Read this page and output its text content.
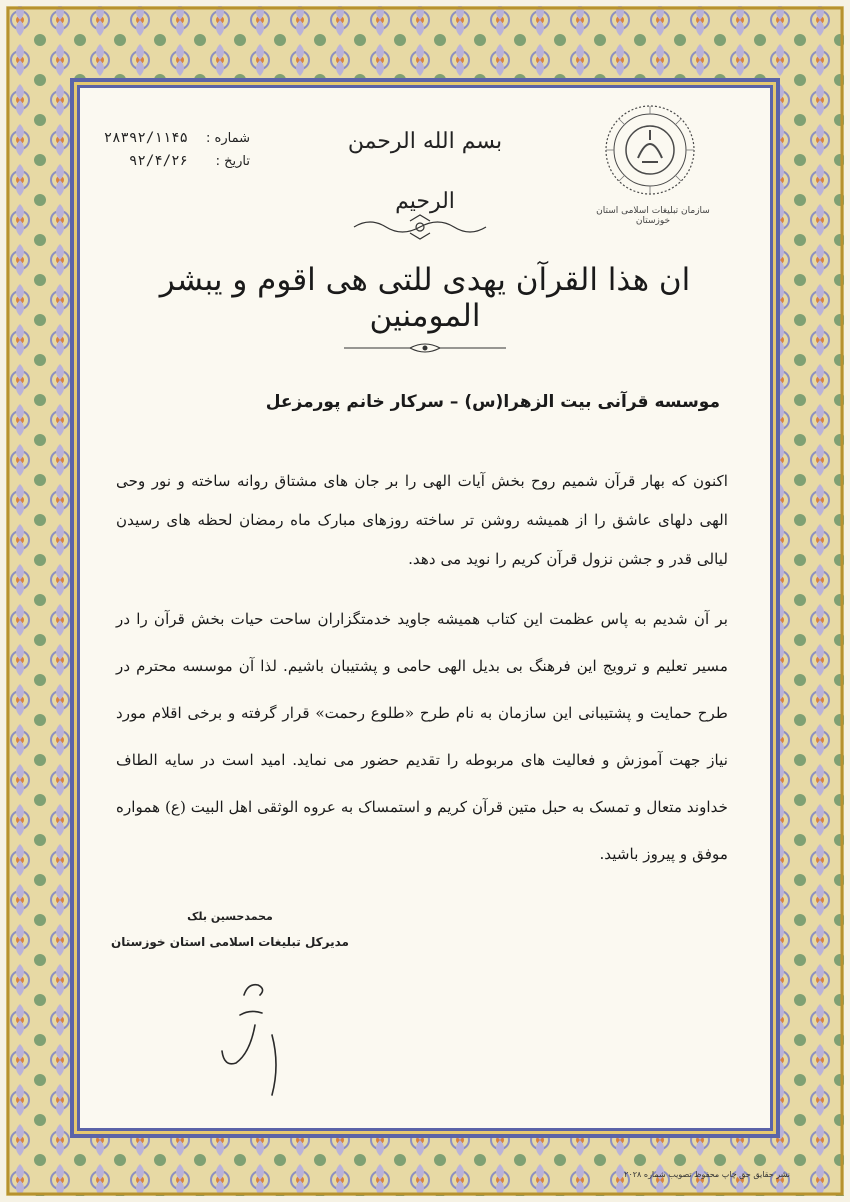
شماره :۲۸۳۹۲/۱۱۴۵
تاریخ :۹۲/۴/۲۶
بسم الله الرحمن الرحیم	سازمان تبلیغات اسلامی استان خوزستان
ان هذا القرآن یهدی للتی هی اقوم و یبشر المومنین
موسسه قرآنی بیت الزهرا(س) – سرکار خانم پورمزعل

اکنون که بهار قرآن شمیم روح بخش آیات الهی را بر جان های مشتاق روانه ساخته و نور وحی الهی دلهای عاشق را از همیشه روشن تر ساخته روزهای مبارک ماه رمضان لحظه های رسیدن لیالی قدر و جشن نزول قرآن کریم را نوید می دهد.

بر آن شدیم به پاس عظمت این کتاب همیشه جاوید خدمتگزاران ساحت حیات بخش قرآن را در مسیر تعلیم و ترویج این فرهنگ بی بدیل الهی حامی و پشتیبان باشیم. لذا آن موسسه محترم در طرح حمایت و پشتیبانی این سازمان به نام طرح «طلوع رحمت» قرار گرفته و برخی اقلام مورد نیاز جهت آموزش و فعالیت های مربوطه را تقدیم حضور می نماید. امید است در سایه الطاف خداوند متعال و تمسک به حبل متین قرآن کریم و استمساک به عروه الوثقی اهل البیت (ع) همواره موفق و پیروز باشید.

محمدحسین بلک
مدیرکل تبلیغات اسلامی استان خوزستان
نشر حقایق حق چاپ محفوظ تصویب شماره ۲۰۲۸
